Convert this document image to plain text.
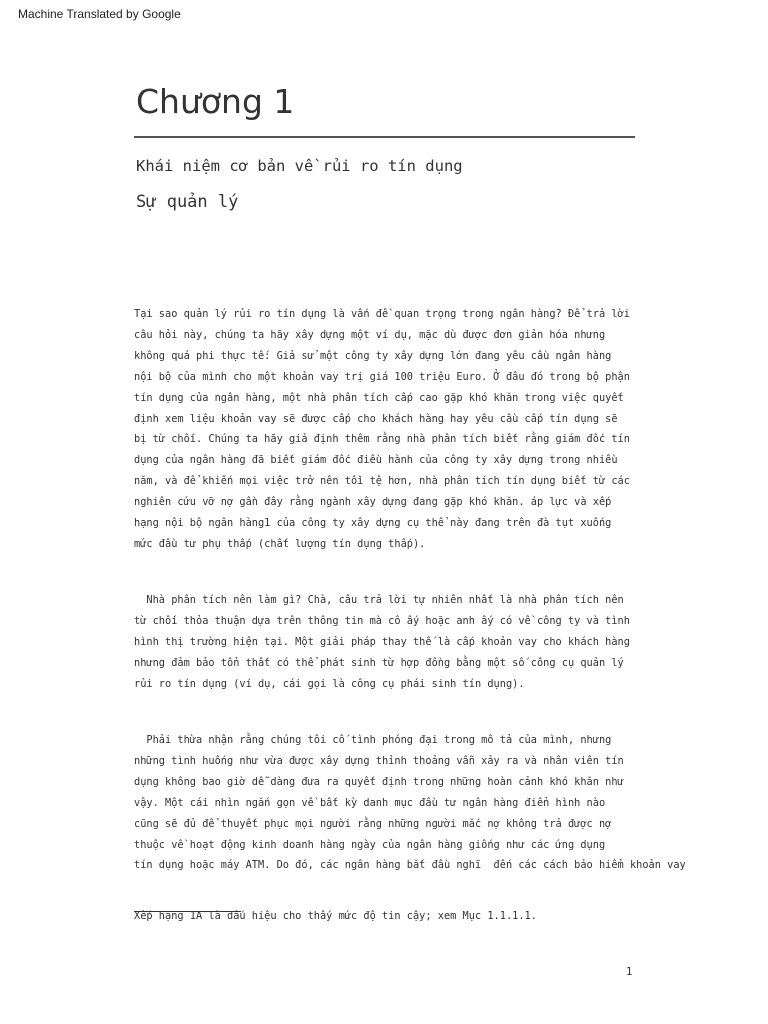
Machine Translated by Google
Chương 1
Khái niệm cơ bản về rủi ro tín dụng
Sự quản lý

Tại sao quản lý rủi ro tín dụng là vấn đề quan trọng trong ngân hàng? Để trả lời
câu hỏi này, chúng ta hãy xây dựng một ví dụ, mặc dù được đơn giản hóa nhưng
không quá phi thực tế: Giả sử một công ty xây dựng lớn đang yêu cầu ngân hàng
nội bộ của mình cho một khoản vay trị giá 100 triệu Euro. Ở đâu đó trong bộ phận
tín dụng của ngân hàng, một nhà phân tích cấp cao gặp khó khăn trong việc quyết
định xem liệu khoản vay sẽ được cấp cho khách hàng hay yêu cầu cấp tín dụng sẽ
bị từ chối. Chúng ta hãy giả định thêm rằng nhà phân tích biết rằng giám đốc tín
dụng của ngân hàng đã biết giám đốc điều hành của công ty xây dựng trong nhiều
năm, và để khiến mọi việc trở nên tồi tệ hơn, nhà phân tích tín dụng biết từ các
nghiên cứu vỡ nợ gần đây rằng ngành xây dựng đang gặp khó khăn. áp lực và xếp
hạng nội bộ ngân hàng1 của công ty xây dựng cụ thể này đang trên đà tụt xuống
mức đầu tư phụ thấp (chất lượng tín dụng thấp).

Nhà phân tích nên làm gì? Chà, câu trả lời tự nhiên nhất là nhà phân tích nên
từ chối thỏa thuận dựa trên thông tin mà cô ấy hoặc anh ấy có về công ty và tình
hình thị trường hiện tại. Một giải pháp thay thế là cấp khoản vay cho khách hàng
nhưng đảm bảo tổn thất có thể phát sinh từ hợp đồng bằng một số công cụ quản lý
rủi ro tín dụng (ví dụ, cái gọi là công cụ phái sinh tín dụng).

Phải thừa nhận rằng chúng tôi cố tình phóng đại trong mô tả của mình, nhưng
những tình huống như vừa được xây dựng thỉnh thoảng vẫn xảy ra và nhân viên tín
dụng không bao giờ dễ dàng đưa ra quyết định trong những hoàn cảnh khó khăn như
vậy. Một cái nhìn ngắn gọn về bất kỳ danh mục đầu tư ngân hàng điển hình nào
cũng sẽ đủ để thuyết phục mọi người rằng những người mắc nợ không trả được nợ
thuộc về hoạt động kinh doanh hàng ngày của ngân hàng giống như các ứng dụng
tín dụng hoặc máy ATM. Do đó, các ngân hàng bắt đầu nghĩ  đến các cách bảo hiểm khoản vay

Xếp hạng 1A là dấu hiệu cho thấy mức độ tin cậy; xem Mục 1.1.1.1.

1
